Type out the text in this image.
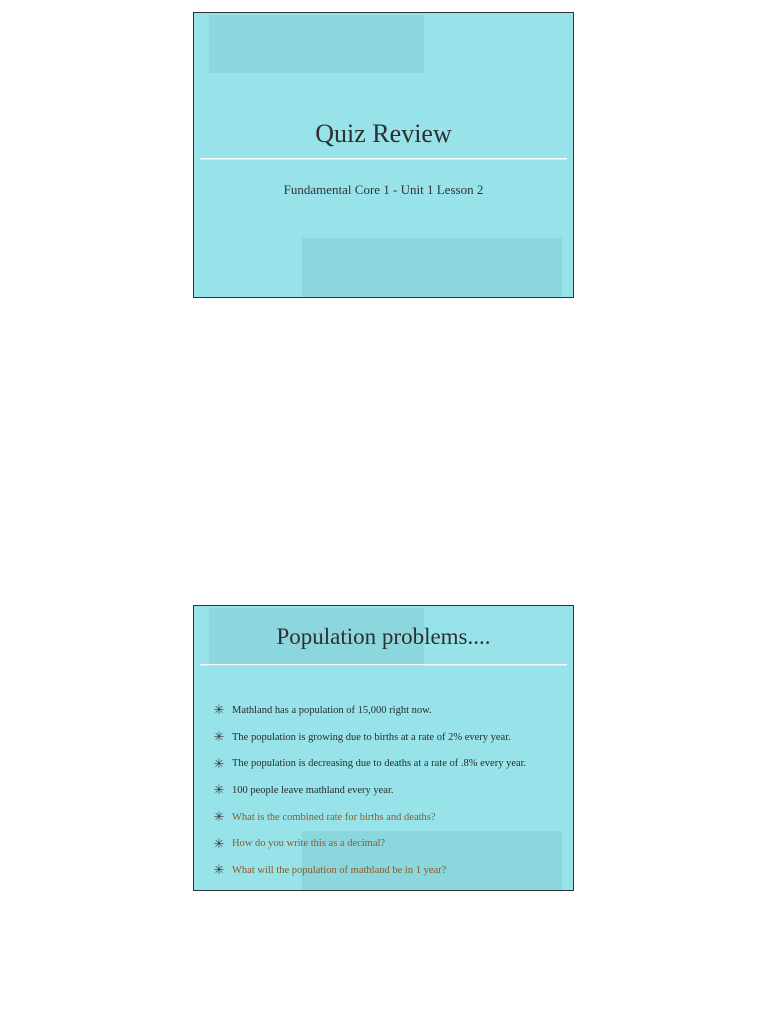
Quiz Review
Fundamental Core 1 - Unit 1 Lesson 2
Population problems....
✳ Mathland has a population of 15,000 right now.
✳ The population is growing due to births at a rate of 2% every year.
✳ The population is decreasing due to deaths at a rate of .8% every year.
✳ 100 people leave mathland every year.
✳ What is the combined rate for births and deaths?
✳ How do you write this as a decimal?
✳ What will the population of mathland be in 1 year?
